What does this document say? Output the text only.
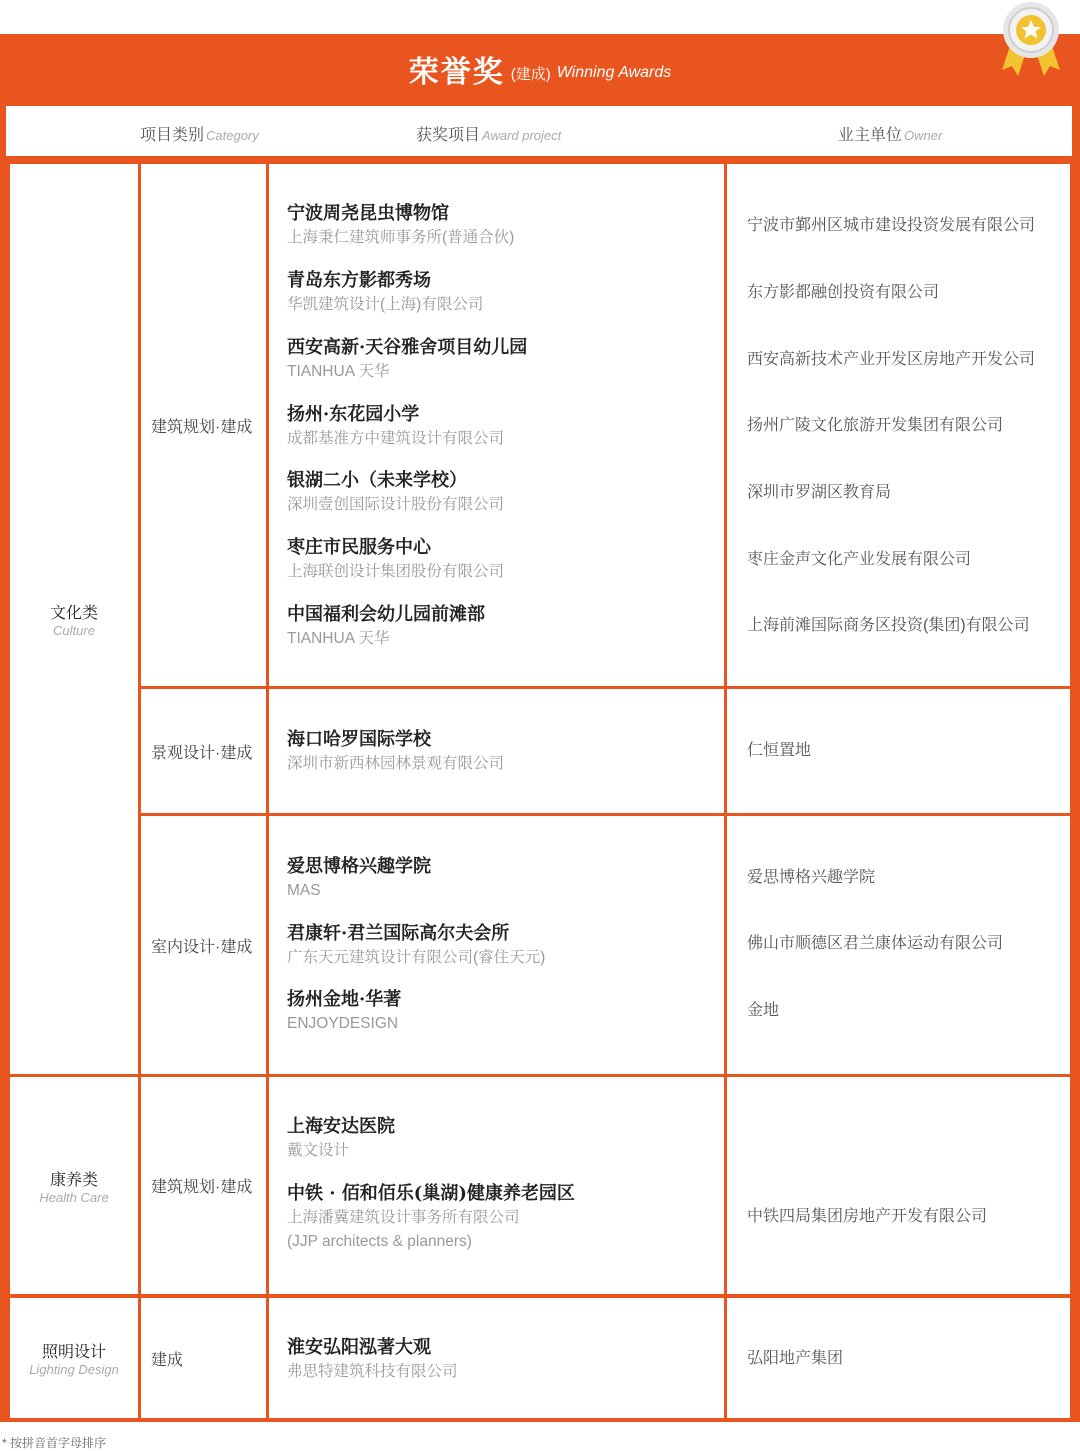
荣誉奖 (建成) Winning Awards
项目类别 Category	获奖项目 Award project	业主单位 Owner
文化类
Culture
康养类
Health Care
照明设计
Lighting Design
建筑规划·建成
景观设计·建成
室内设计·建成
建筑规划·建成
建成
宁波周尧昆虫博物馆
上海秉仁建筑师事务所(普通合伙)
青岛东方影都秀场
华凯建筑设计(上海)有限公司
西安高新·天谷雅舍项目幼儿园
TIANHUA 天华
扬州·东花园小学
成都基准方中建筑设计有限公司
银湖二小（未来学校）
深圳壹创国际设计股份有限公司
枣庄市民服务中心
上海联创设计集团股份有限公司
中国福利会幼儿园前滩部
TIANHUA 天华
海口哈罗国际学校
深圳市新西林园林景观有限公司
爱思博格兴趣学院
MAS
君康轩·君兰国际高尔夫会所
广东天元建筑设计有限公司(睿住天元)
扬州金地·华著
ENJOYDESIGN
上海安达医院
戴文设计
中铁 · 佰和佰乐(巢湖)健康养老园区
上海潘冀建筑设计事务所有限公司
(JJP architects & planners)
淮安弘阳泓著大观
弗思特建筑科技有限公司
宁波市鄞州区城市建设投资发展有限公司
东方影都融创投资有限公司
西安高新技术产业开发区房地产开发公司
扬州广陵文化旅游开发集团有限公司
深圳市罗湖区教育局
枣庄金声文化产业发展有限公司
上海前滩国际商务区投资(集团)有限公司
仁恒置地
爱思博格兴趣学院
佛山市顺德区君兰康体运动有限公司
金地
中铁四局集团房地产开发有限公司
弘阳地产集团
* 按拼音首字母排序
